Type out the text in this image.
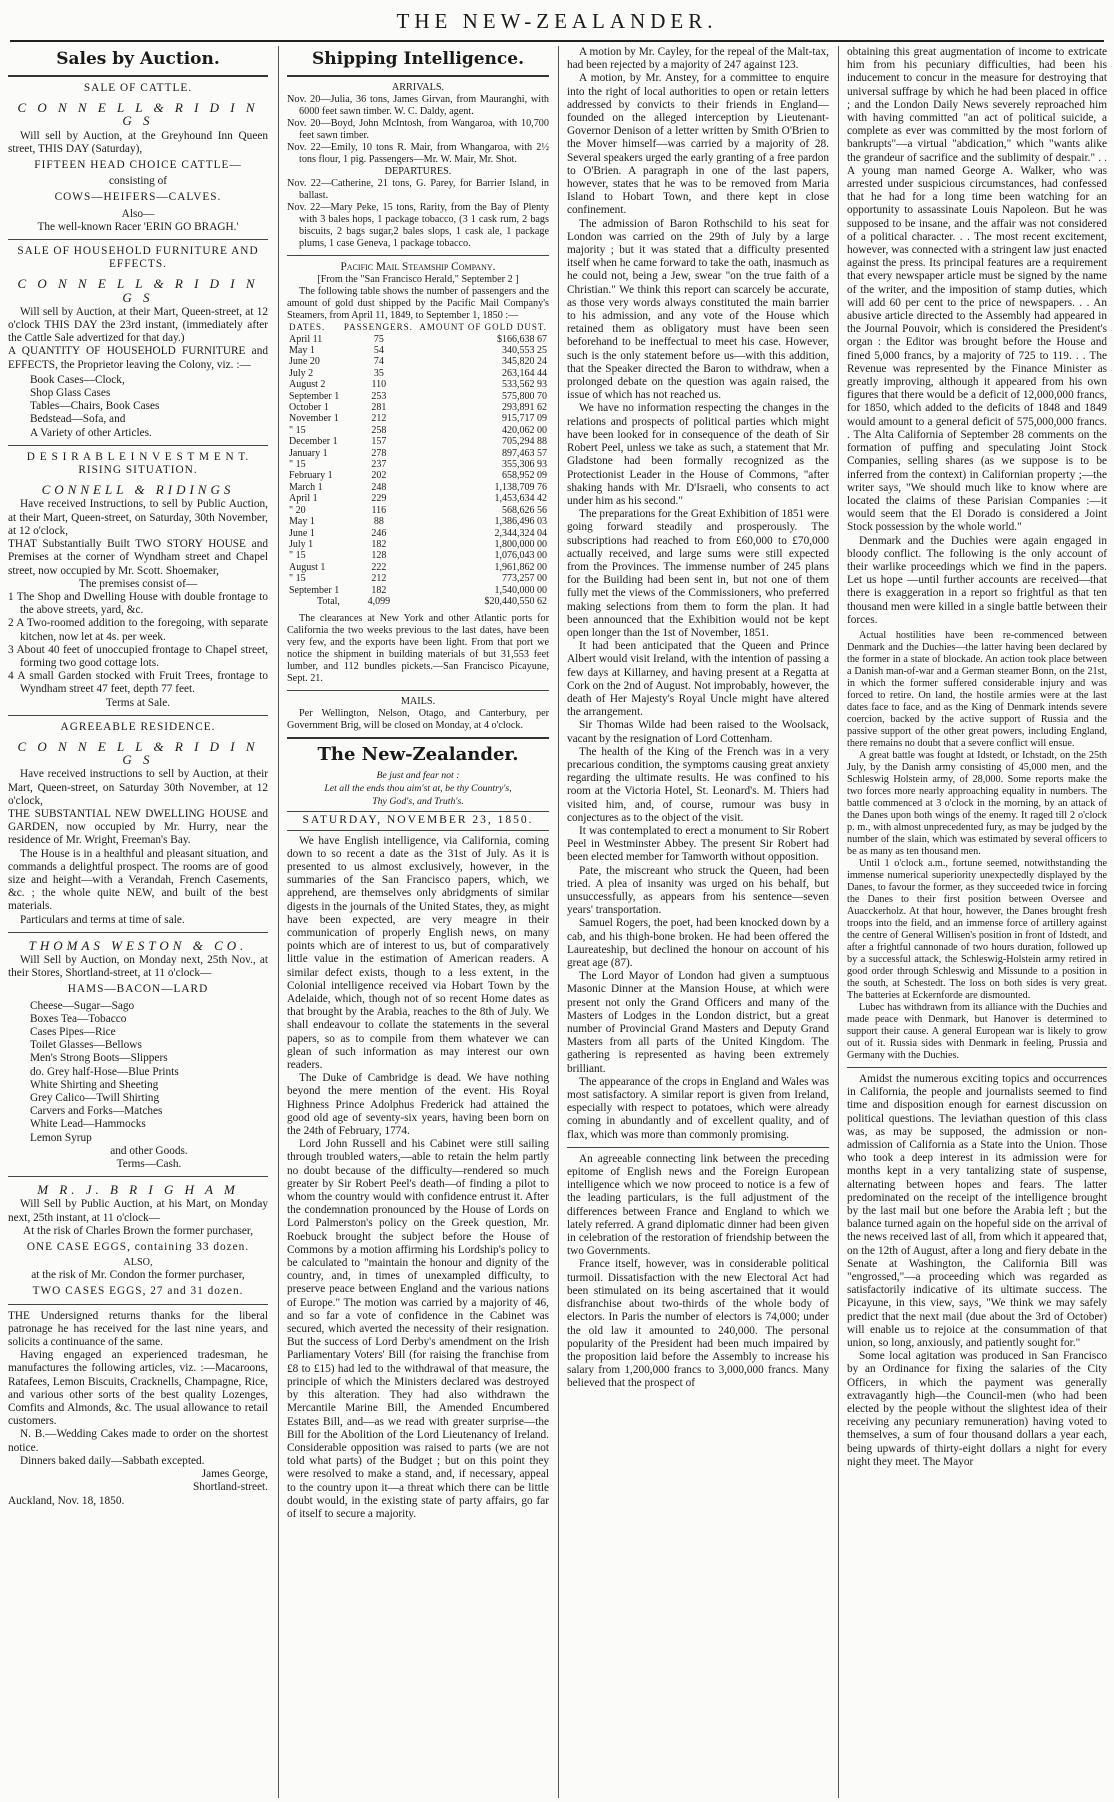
THE NEW-ZEALANDER.
Sales by Auction.
SALE OF CATTLE.
C O N N E L L & R I D I N G S

Will sell by Auction, at the Greyhound Inn Queen street, THIS DAY (Saturday),

FIFTEEN HEAD CHOICE CATTLE—
consisting of
COWS—HEIFERS—CALVES.
Also—
The well-known Racer 'ERIN GO BRAGH.'
SALE OF HOUSEHOLD FURNITURE AND EFFECTS.
C O N N E L L & R I D I N G S

Will sell by Auction, at their Mart, Queen-street, at 12 o'clock THIS DAY the 23rd instant, (immediately after the Cattle Sale advertized for that day.)

A QUANTITY OF HOUSEHOLD FURNITURE and EFFECTS, the Proprietor leaving the Colony, viz. :—

Book Cases—Clock,
Shop Glass Cases
Tables—Chairs, Book Cases
Bedstead—Sofa, and
A Variety of other Articles.
D E S I R A B L E I N V E S T M E N T. RISING SITUATION.
CONNELL & RIDINGS

Have received Instructions, to sell by Public Auction, at their Mart, Queen-street, on Saturday, 30th November, at 12 o'clock,

THAT Substantially Built TWO STORY HOUSE and Premises at the corner of Wyndham street and Chapel street, now occupied by Mr. Scott. Shoemaker,

The premises consist of—
1 The Shop and Dwelling House with double frontage to the above streets, yard, &c.
2 A Two-roomed addition to the foregoing, with separate kitchen, now let at 4s. per week.
3 About 40 feet of unoccupied frontage to Chapel street, forming two good cottage lots.
4 A small Garden stocked with Fruit Trees, frontage to Wyndham street 47 feet, depth 77 feet.
Terms at Sale.
AGREEABLE RESIDENCE.
C O N N E L L & R I D I N G S

Have received instructions to sell by Auction, at their Mart, Queen-street, on Saturday 30th November, at 12 o'clock,

THE SUBSTANTIAL NEW DWELLING HOUSE and GARDEN, now occupied by Mr. Hurry, near the residence of Mr. Wright, Freeman's Bay.

The House is in a healthful and pleasant situation, and commands a delightful prospect. The rooms are of good size and height—with a Verandah, French Casements, &c. ; the whole quite NEW, and built of the best materials.

Particulars and terms at time of sale.

THOMAS WESTON & CO.

Will Sell by Auction, on Monday next, 25th Nov., at their Stores, Shortland-street, at 11 o'clock—

HAMS—BACON—LARD
Cheese—Sugar—Sago
Boxes Tea—Tobacco
Cases Pipes—Rice
Toilet Glasses—Bellows
Men's Strong Boots—Slippers
do. Grey half-Hose—Blue Prints
White Shirting and Sheeting
Grey Calico—Twill Shirting
Carvers and Forks—Matches
White Lead—Hammocks
Lemon Syrup
and other Goods.
Terms—Cash.
M R. J. B R I G H A M

Will Sell by Public Auction, at his Mart, on Monday next, 25th instant, at 11 o'clock—

At the risk of Charles Brown the former purchaser,
ONE CASE EGGS, containing 33 dozen.
ALSO,
at the risk of Mr. Condon the former purchaser,
TWO CASES EGGS, 27 and 31 dozen.

THE Undersigned returns thanks for the liberal patronage he has received for the last nine years, and solicits a continuance of the same.

Having engaged an experienced tradesman, he manufactures the following articles, viz. :—Macaroons, Ratafees, Lemon Biscuits, Cracknells, Champagne, Rice, and various other sorts of the best quality Lozenges, Comfits and Almonds, &c. The usual allowance to retail customers.

N. B.—Wedding Cakes made to order on the shortest notice.

Dinners baked daily—Sabbath excepted.

James George,
Shortland-street.
Auckland, Nov. 18, 1850.
Shipping Intelligence.
ARRIVALS.
Nov. 20—Julia, 36 tons, James Girvan, from Mauranghi, with 6000 feet sawn timber. W. C. Daldy, agent.
Nov. 20—Boyd, John McIntosh, from Wangaroa, with 10,700 feet sawn timber.
Nov. 22—Emily, 10 tons R. Mair, from Whangaroa, with 2½ tons flour, 1 pig. Passengers—Mr. W. Mair, Mr. Shot.
DEPARTURES.
Nov. 22—Catherine, 21 tons, G. Parey, for Barrier Island, in ballast.
Nov. 22—Mary Peke, 15 tons, Rarity, from the Bay of Plenty with 3 bales hops, 1 package tobacco, (3 1 cask rum, 2 bags biscuits, 2 bags sugar,2 bales slops, 1 cask ale, 1 package plums, 1 case Geneva, 1 package tobacco.
Pacific Mail Steamship Company.
[From the "San Francisco Herald," September 2 ]

The following table shows the number of passengers and the amount of gold dust shipped by the Pacific Mail Company's Steamers, from April 11, 1849, to September 1, 1850 :—

DATES.	PASSENGERS.	AMOUNT OF GOLD DUST.
April 11	75	$166,638 67
May 1	54	340,553 25
June 20	74	345,820 24
July 2	35	263,164 44
August 2	110	533,562 93
September 1	253	575,800 70
October 1	281	293,891 62
November 1	212	915,717 09
" 15	258	420,062 00
December 1	157	705,294 88
January 1	278	897,463 57
" 15	237	355,306 93
February 1	202	658,952 09
March 1	248	1,138,709 76
April 1	229	1,453,634 42
" 20	116	568,626 56
May 1	88	1,386,496 03
June 1	246	2,344,324 04
July 1	182	1,800,000 00
" 15	128	1,076,043 00
August 1	222	1,961,862 00
" 15	212	773,257 00
September 1	182	1,540,000 00
Total,	4,099	$20,440,550 62

The clearances at New York and other Atlantic ports for California the two weeks previous to the last dates, have been very few, and the exports have been light. From that port we notice the shipment in building materials of but 31,553 feet lumber, and 112 bundles pickets.—San Francisco Picayune, Sept. 21.

MAILS.

Per Wellington, Nelson, Otago, and Canterbury, per Government Brig, will be closed on Monday, at 4 o'clock.

The New-Zealander.
Be just and fear not :
Let all the ends thou aim'st at, be thy Country's,
Thy God's, and Truth's.
SATURDAY, NOVEMBER 23, 1850.

We have English intelligence, via California, coming down to so recent a date as the 31st of July. As it is presented to us almost exclusively, however, in the summaries of the San Francisco papers, which, we apprehend, are themselves only abridgments of similar digests in the journals of the United States, they, as might have been expected, are very meagre in their communication of properly English news, on many points which are of interest to us, but of comparatively little value in the estimation of American readers. A similar defect exists, though to a less extent, in the Colonial intelligence received via Hobart Town by the Adelaide, which, though not of so recent Home dates as that brought by the Arabia, reaches to the 8th of July. We shall endeavour to collate the statements in the several papers, so as to compile from them whatever we can glean of such information as may interest our own readers.

The Duke of Cambridge is dead. We have nothing beyond the mere mention of the event. His Royal Highness Prince Adolphus Frederick had attained the good old age of seventy-six years, having been born on the 24th of February, 1774.

Lord John Russell and his Cabinet were still sailing through troubled waters,—able to retain the helm partly no doubt because of the difficulty—rendered so much greater by Sir Robert Peel's death—of finding a pilot to whom the country would with confidence entrust it. After the condemnation pronounced by the House of Lords on Lord Palmerston's policy on the Greek question, Mr. Roebuck brought the subject before the House of Commons by a motion affirming his Lordship's policy to be calculated to "maintain the honour and dignity of the country, and, in times of unexampled difficulty, to preserve peace between England and the various nations of Europe." The motion was carried by a majority of 46, and so far a vote of confidence in the Cabinet was secured, which averted the necessity of their resignation. But the success of Lord Derby's amendment on the Irish Parliamentary Voters' Bill (for raising the franchise from £8 to £15) had led to the withdrawal of that measure, the principle of which the Ministers declared was destroyed by this alteration. They had also withdrawn the Mercantile Marine Bill, the Amended Encumbered Estates Bill, and—as we read with greater surprise—the Bill for the Abolition of the Lord Lieutenancy of Ireland. Considerable opposition was raised to parts (we are not told what parts) of the Budget ; but on this point they were resolved to make a stand, and, if necessary, appeal to the country upon it—a threat which there can be little doubt would, in the existing state of party affairs, go far of itself to secure a majority.

A motion by Mr. Cayley, for the repeal of the Malt-tax, had been rejected by a majority of 247 against 123.

A motion, by Mr. Anstey, for a committee to enquire into the right of local authorities to open or retain letters addressed by convicts to their friends in England—founded on the alleged interception by Lieutenant-Governor Denison of a letter written by Smith O'Brien to the Mover himself—was carried by a majority of 28. Several speakers urged the early granting of a free pardon to O'Brien. A paragraph in one of the last papers, however, states that he was to be removed from Maria Island to Hobart Town, and there kept in close confinement.

The admission of Baron Rothschild to his seat for London was carried on the 29th of July by a large majority ; but it was stated that a difficulty presented itself when he came forward to take the oath, inasmuch as he could not, being a Jew, swear "on the true faith of a Christian." We think this report can scarcely be accurate, as those very words always constituted the main barrier to his admission, and any vote of the House which retained them as obligatory must have been seen beforehand to be ineffectual to meet his case. However, such is the only statement before us—with this addition, that the Speaker directed the Baron to withdraw, when a prolonged debate on the question was again raised, the issue of which has not reached us.

We have no information respecting the changes in the relations and prospects of political parties which might have been looked for in consequence of the death of Sir Robert Peel, unless we take as such, a statement that Mr. Gladstone had been formally recognized as the Protectionist Leader in the House of Commons, "after shaking hands with Mr. D'Israeli, who consents to act under him as his second."

The preparations for the Great Exhibition of 1851 were going forward steadily and prosperously. The subscriptions had reached to from £60,000 to £70,000 actually received, and large sums were still expected from the Provinces. The immense number of 245 plans for the Building had been sent in, but not one of them fully met the views of the Commissioners, who preferred making selections from them to form the plan. It had been announced that the Exhibition would not be kept open longer than the 1st of November, 1851.

It had been anticipated that the Queen and Prince Albert would visit Ireland, with the intention of passing a few days at Killarney, and having present at a Regatta at Cork on the 2nd of August. Not improbably, however, the death of Her Majesty's Royal Uncle might have altered the arrangement.

Sir Thomas Wilde had been raised to the Woolsack, vacant by the resignation of Lord Cottenham.

The health of the King of the French was in a very precarious condition, the symptoms causing great anxiety regarding the ultimate results. He was confined to his room at the Victoria Hotel, St. Leonard's. M. Thiers had visited him, and, of course, rumour was busy in conjectures as to the object of the visit.

It was contemplated to erect a monument to Sir Robert Peel in Westminster Abbey. The present Sir Robert had been elected member for Tamworth without opposition.

Pate, the miscreant who struck the Queen, had been tried. A plea of insanity was urged on his behalf, but unsuccessfully, as appears from his sentence—seven years' transportation.

Samuel Rogers, the poet, had been knocked down by a cab, and his thigh-bone broken. He had been offered the Laureateship, but declined the honour on account of his great age (87).

The Lord Mayor of London had given a sumptuous Masonic Dinner at the Mansion House, at which were present not only the Grand Officers and many of the Masters of Lodges in the London district, but a great number of Provincial Grand Masters and Deputy Grand Masters from all parts of the United Kingdom. The gathering is represented as having been extremely brilliant.

The appearance of the crops in England and Wales was most satisfactory. A similar report is given from Ireland, especially with respect to potatoes, which were already coming in abundantly and of excellent quality, and of flax, which was more than commonly promising.

An agreeable connecting link between the preceding epitome of English news and the Foreign European intelligence which we now proceed to notice is a few of the leading particulars, is the full adjustment of the differences between France and England to which we lately referred. A grand diplomatic dinner had been given in celebration of the restoration of friendship between the two Governments.

France itself, however, was in considerable political turmoil. Dissatisfaction with the new Electoral Act had been stimulated on its being ascertained that it would disfranchise about two-thirds of the whole body of electors. In Paris the number of electors is 74,000; under the old law it amounted to 240,000. The personal popularity of the President had been much impaired by the proposition laid before the Assembly to increase his salary from 1,200,000 francs to 3,000,000 francs. Many believed that the prospect of

obtaining this great augmentation of income to extricate him from his pecuniary difficulties, had been his inducement to concur in the measure for destroying that universal suffrage by which he had been placed in office ; and the London Daily News severely reproached him with having committed "an act of political suicide, a complete as ever was committed by the most forlorn of bankrupts"—a virtual "abdication," which "wants alike the grandeur of sacrifice and the sublimity of despair." . . A young man named George A. Walker, who was arrested under suspicious circumstances, had confessed that he had for a long time been watching for an opportunity to assassinate Louis Napoleon. But he was supposed to be insane, and the affair was not considered of a political character. . . The most recent excitement, however, was connected with a stringent law just enacted against the press. Its principal features are a requirement that every newspaper article must be signed by the name of the writer, and the imposition of stamp duties, which will add 60 per cent to the price of newspapers. . . An abusive article directed to the Assembly had appeared in the Journal Pouvoir, which is considered the President's organ : the Editor was brought before the House and fined 5,000 francs, by a majority of 725 to 119. . . The Revenue was represented by the Finance Minister as greatly improving, although it appeared from his own figures that there would be a deficit of 12,000,000 francs, for 1850, which added to the deficits of 1848 and 1849 would amount to a general deficit of 575,000,000 francs. . The Alta California of September 28 comments on the formation of puffing and speculating Joint Stock Companies, selling shares (as we suppose is to be inferred from the context) in Californian property ;—the writer says, "We should much like to know where are located the claims of these Parisian Companies :—it would seem that the El Dorado is considered a Joint Stock possession by the whole world."

Denmark and the Duchies were again engaged in bloody conflict. The following is the only account of their warlike proceedings which we find in the papers. Let us hope —until further accounts are received—that there is exaggeration in a report so frightful as that ten thousand men were killed in a single battle between their forces.

Actual hostilities have been re-commenced between Denmark and the Duchies—the latter having been declared by the former in a state of blockade. An action took place between a Danish man-of-war and a German steamer Bonn, on the 21st, in which the former suffered considerable injury and was forced to retire. On land, the hostile armies were at the last dates face to face, and as the King of Denmark intends severe coercion, backed by the active support of Russia and the passive support of the other great powers, including England, there remains no doubt that a severe conflict will ensue.

A great battle was fought at Idstedt, or Ichstadt, on the 25th July, by the Danish army consisting of 45,000 men, and the Schleswig Holstein army, of 28,000. Some reports make the two forces more nearly approaching equality in numbers. The battle commenced at 3 o'clock in the morning, by an attack of the Danes upon both wings of the enemy. It raged till 2 o'clock p. m., with almost unprecedented fury, as may be judged by the number of the slain, which was estimated by several officers to be as many as ten thousand men.

Until 1 o'clock a.m., fortune seemed, notwithstanding the immense numerical superiority unexpectedly displayed by the Danes, to favour the former, as they succeeded twice in forcing the Danes to their first position between Oversee and Auacckerholz. At that hour, however, the Danes brought fresh troops into the field, and an immense force of artillery against the centre of General Willisen's position in front of Idstedt, and after a frightful cannonade of two hours duration, followed up by a successful attack, the Schleswig-Holstein army retired in good order through Schleswig and Missunde to a position in the south, at Schestedt. The loss on both sides is very great. The batteries at Eckernforde are dismounted.

Lubec has withdrawn from its alliance with the Duchies and made peace with Denmark, but Hanover is determined to support their cause. A general European war is likely to grow out of it. Russia sides with Denmark in feeling, Prussia and Germany with the Duchies.

Amidst the numerous exciting topics and occurrences in California, the people and journalists seemed to find time and disposition enough for earnest discussion on political questions. The leviathan question of this class was, as may be supposed, the admission or non-admission of California as a State into the Union. Those who took a deep interest in its admission were for months kept in a very tantalizing state of suspense, alternating between hopes and fears. The latter predominated on the receipt of the intelligence brought by the last mail but one before the Arabia left ; but the balance turned again on the hopeful side on the arrival of the news received last of all, from which it appeared that, on the 12th of August, after a long and fiery debate in the Senate at Washington, the California Bill was "engrossed,"—a proceeding which was regarded as satisfactorily indicative of its ultimate success. The Picayune, in this view, says, "We think we may safely predict that the next mail (due about the 3rd of October) will enable us to rejoice at the consummation of that union, so long, anxiously, and patiently sought for."

Some local agitation was produced in San Francisco by an Ordinance for fixing the salaries of the City Officers, in which the payment was generally extravagantly high—the Council-men (who had been elected by the people without the slightest idea of their receiving any pecuniary remuneration) having voted to themselves, a sum of four thousand dollars a year each, being upwards of thirty-eight dollars a night for every night they meet. The Mayor
